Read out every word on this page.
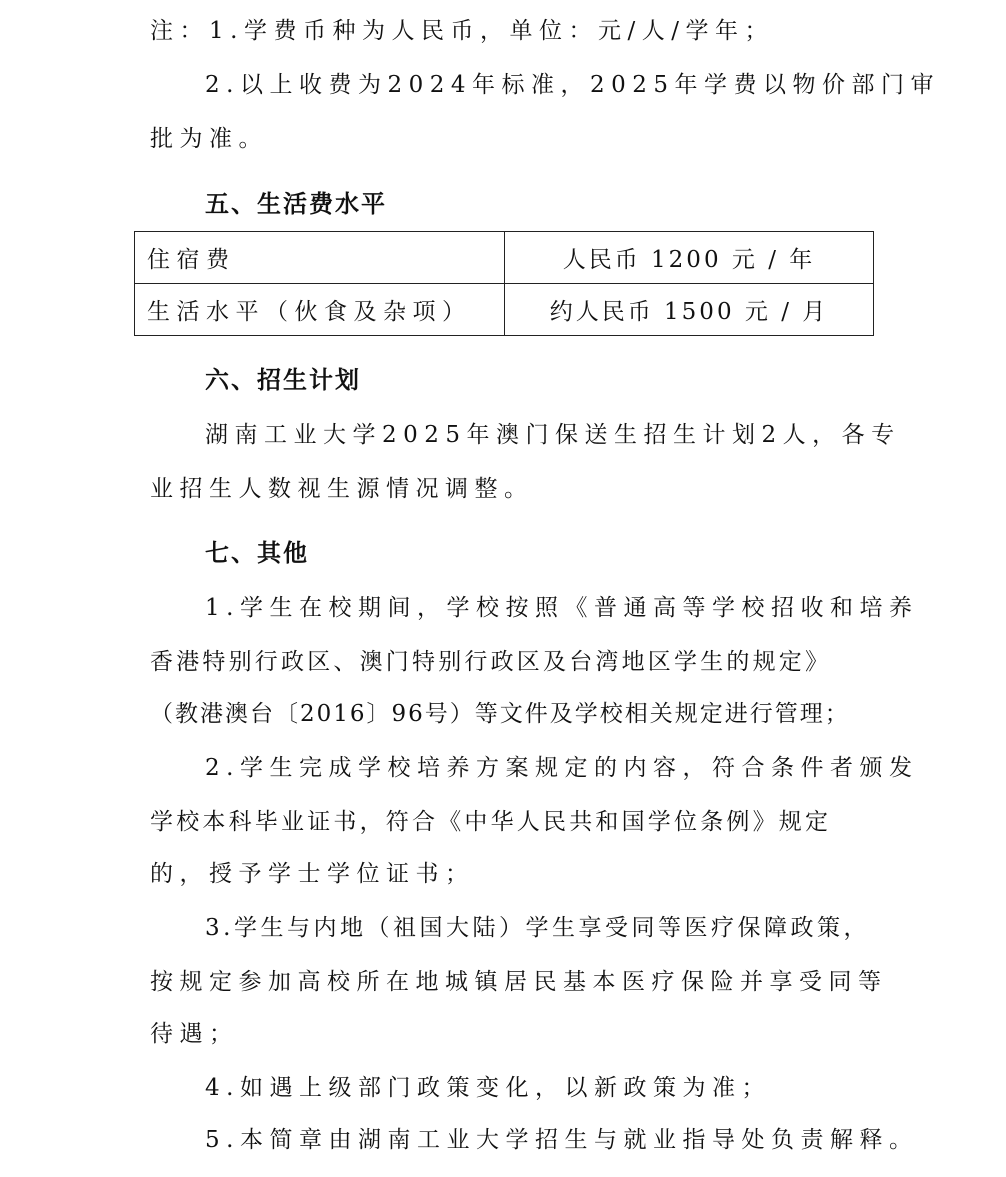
注：1.学费币种为人民币，单位：元/人/学年；
2.以上收费为2024年标准，2025年学费以物价部门审
批为准。
五、生活费水平
住宿费	人民币 1200 元 / 年
生活水平（伙食及杂项）	约人民币 1500 元 / 月
六、招生计划
湖南工业大学2025年澳门保送生招生计划2人，各专
业招生人数视生源情况调整。
七、其他
1.学生在校期间，学校按照《普通高等学校招收和培养
香港特别行政区、澳门特别行政区及台湾地区学生的规定》
（教港澳台〔2016〕96号）等文件及学校相关规定进行管理；
2.学生完成学校培养方案规定的内容，符合条件者颁发
学校本科毕业证书，符合《中华人民共和国学位条例》规定
的，授予学士学位证书；
3.学生与内地（祖国大陆）学生享受同等医疗保障政策，
按规定参加高校所在地城镇居民基本医疗保险并享受同等
待遇；
4.如遇上级部门政策变化，以新政策为准；
5.本简章由湖南工业大学招生与就业指导处负责解释。
